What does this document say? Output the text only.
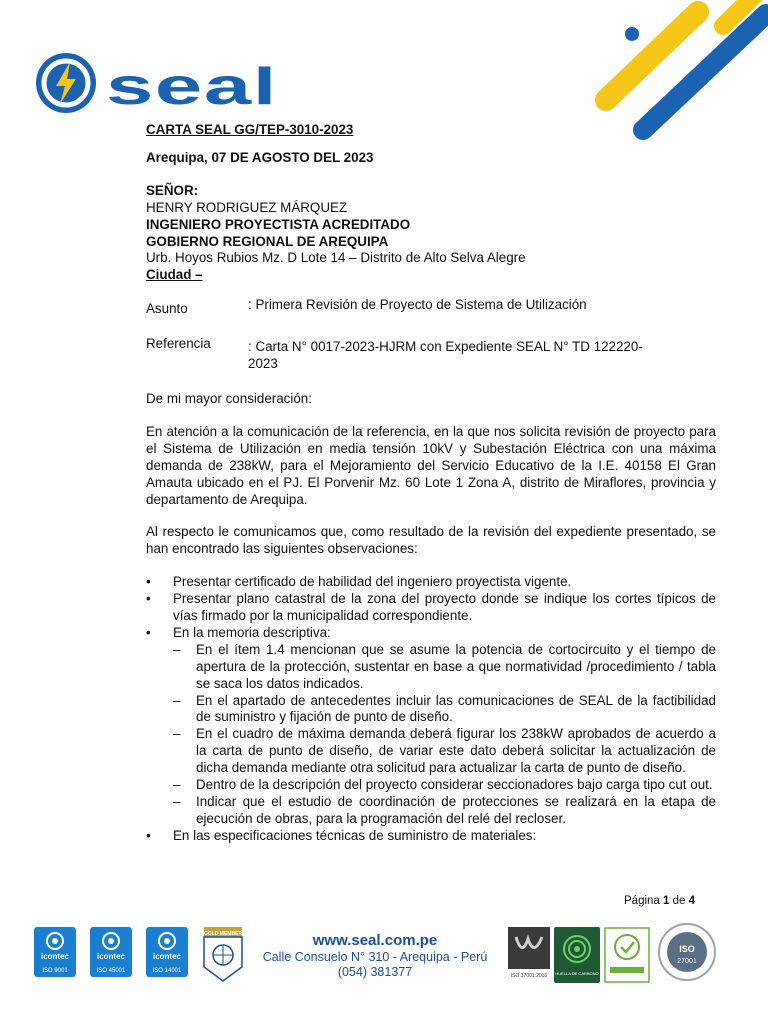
seal

CARTA SEAL GG/TEP-3010-2023

Arequipa, 07 DE AGOSTO DEL 2023

SEÑOR:

HENRY RODRIGUEZ MÁRQUEZ

INGENIERO PROYECTISTA ACREDITADO

GOBIERNO REGIONAL DE AREQUIPA

Urb. Hoyos Rubios Mz. D Lote 14 – Distrito de Alto Selva Alegre

Ciudad –

Asunto	: Primera Revisión de Proyecto de Sistema de Utilización
Referencia	: Carta N° 0017-2023-HJRM con Expediente SEAL N° TD 122220-2023

De mi mayor consideración:

En atención a la comunicación de la referencia, en la que nos solicita revisión de proyecto para el Sistema de Utilización en media tensión 10kV y Subestación Eléctrica con una máxima demanda de 238kW, para el Mejoramiento del Servicio Educativo de la I.E. 40158 El Gran Amauta ubicado en el PJ. El Porvenir Mz. 60 Lote 1 Zona A, distrito de Miraflores, provincia y departamento de Arequipa.

Al respecto le comunicamos que, como resultado de la revisión del expediente presentado, se han encontrado las siguientes observaciones:

• Presentar certificado de habilidad del ingeniero proyectista vigente.

• Presentar plano catastral de la zona del proyecto donde se indique los cortes típicos de vías firmado por la municipalidad correspondiente.

• En la memoria descriptiva:

– En el ítem 1.4 mencionan que se asume la potencia de cortocircuito y el tiempo de apertura de la protección, sustentar en base a que normatividad /procedimiento / tabla se saca los datos indicados.

– En el apartado de antecedentes incluir las comunicaciones de SEAL de la factibilidad de suministro y fijación de punto de diseño.

– En el cuadro de máxima demanda deberá figurar los 238kW aprobados de acuerdo a la carta de punto de diseño, de variar este dato deberá solicitar la actualización de dicha demanda mediante otra solicitud para actualizar la carta de punto de diseño.

– Dentro de la descripción del proyecto considerar seccionadores bajo carga tipo cut out.

– Indicar que el estudio de coordinación de protecciones se realizará en la etapa de ejecución de obras, para la programación del relé del recloser.

• En las especificaciones técnicas de suministro de materiales:

Página 1 de 4
icontec
ISO 9001
icontec
ISO 45001
icontec
ISO 14001
GOLD MEMBER	www.seal.com.pe
Calle Consuelo N° 310 - Arequipa - Perú
(054) 381377	ISO 37001:2016 HUELLA DE CARBONO
ISO
27001
